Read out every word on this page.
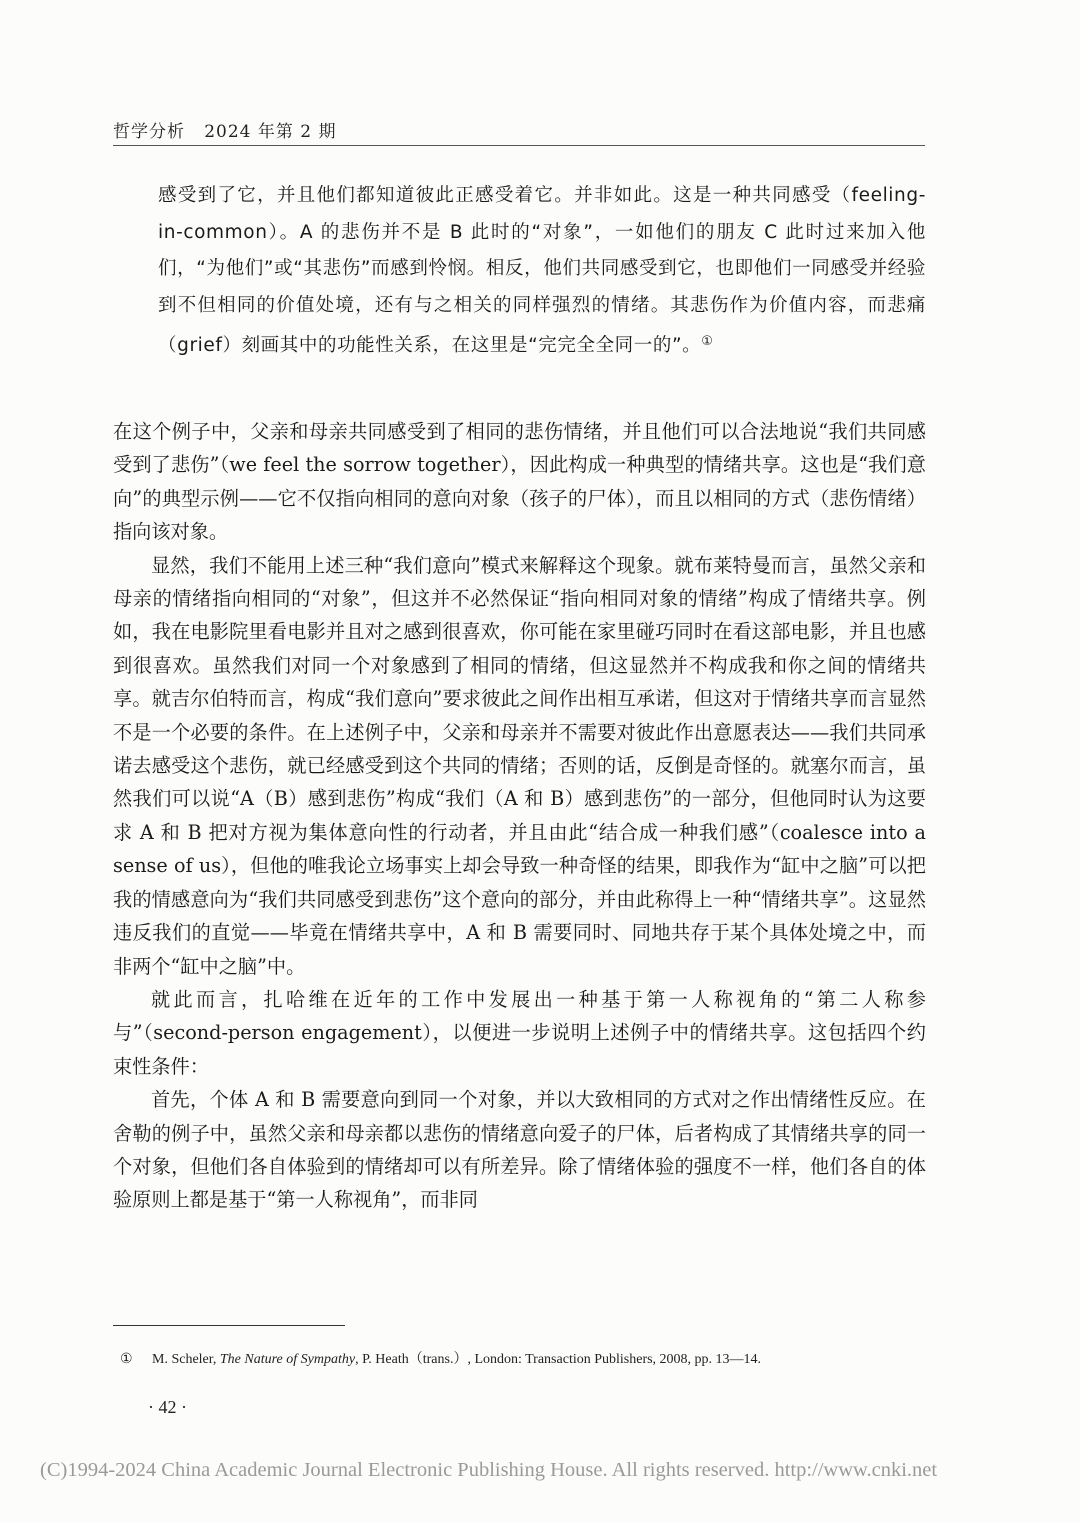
哲学分析 2024 年第 2 期
感受到了它，并且他们都知道彼此正感受着它。并非如此。这是一种共同感受（feeling-in-common）。A 的悲伤并不是 B 此时的“对象”，一如他们的朋友 C 此时过来加入他们，“为他们”或“其悲伤”而感到怜悯。相反，他们共同感受到它，也即他们一同感受并经验到不但相同的价值处境，还有与之相关的同样强烈的情绪。其悲伤作为价值内容，而悲痛（grief）刻画其中的功能性关系，在这里是“完完全全同一的”。①

在这个例子中，父亲和母亲共同感受到了相同的悲伤情绪，并且他们可以合法地说“我们共同感受到了悲伤”（we feel the sorrow together），因此构成一种典型的情绪共享。这也是“我们意向”的典型示例——它不仅指向相同的意向对象（孩子的尸体），而且以相同的方式（悲伤情绪）指向该对象。

显然，我们不能用上述三种“我们意向”模式来解释这个现象。就布莱特曼而言，虽然父亲和母亲的情绪指向相同的“对象”，但这并不必然保证“指向相同对象的情绪”构成了情绪共享。例如，我在电影院里看电影并且对之感到很喜欢，你可能在家里碰巧同时在看这部电影，并且也感到很喜欢。虽然我们对同一个对象感到了相同的情绪，但这显然并不构成我和你之间的情绪共享。就吉尔伯特而言，构成“我们意向”要求彼此之间作出相互承诺，但这对于情绪共享而言显然不是一个必要的条件。在上述例子中，父亲和母亲并不需要对彼此作出意愿表达——我们共同承诺去感受这个悲伤，就已经感受到这个共同的情绪；否则的话，反倒是奇怪的。就塞尔而言，虽然我们可以说“A（B）感到悲伤”构成“我们（A 和 B）感到悲伤”的一部分，但他同时认为这要求 A 和 B 把对方视为集体意向性的行动者，并且由此“结合成一种我们感”（coalesce into a sense of us），但他的唯我论立场事实上却会导致一种奇怪的结果，即我作为“缸中之脑”可以把我的情感意向为“我们共同感受到悲伤”这个意向的部分，并由此称得上一种“情绪共享”。这显然违反我们的直觉——毕竟在情绪共享中，A 和 B 需要同时、同地共存于某个具体处境之中，而非两个“缸中之脑”中。

就此而言，扎哈维在近年的工作中发展出一种基于第一人称视角的“第二人称参与”（second-person engagement），以便进一步说明上述例子中的情绪共享。这包括四个约束性条件：

首先，个体 A 和 B 需要意向到同一个对象，并以大致相同的方式对之作出情绪性反应。在舍勒的例子中，虽然父亲和母亲都以悲伤的情绪意向爱子的尸体，后者构成了其情绪共享的同一个对象，但他们各自体验到的情绪却可以有所差异。除了情绪体验的强度不一样，他们各自的体验原则上都是基于“第一人称视角”，而非同

① M. Scheler, The Nature of Sympathy, P. Heath（trans.）, London: Transaction Publishers, 2008, pp. 13—14.
· 42 ·
(C)1994-2024 China Academic Journal Electronic Publishing House. All rights reserved. http://www.cnki.net
